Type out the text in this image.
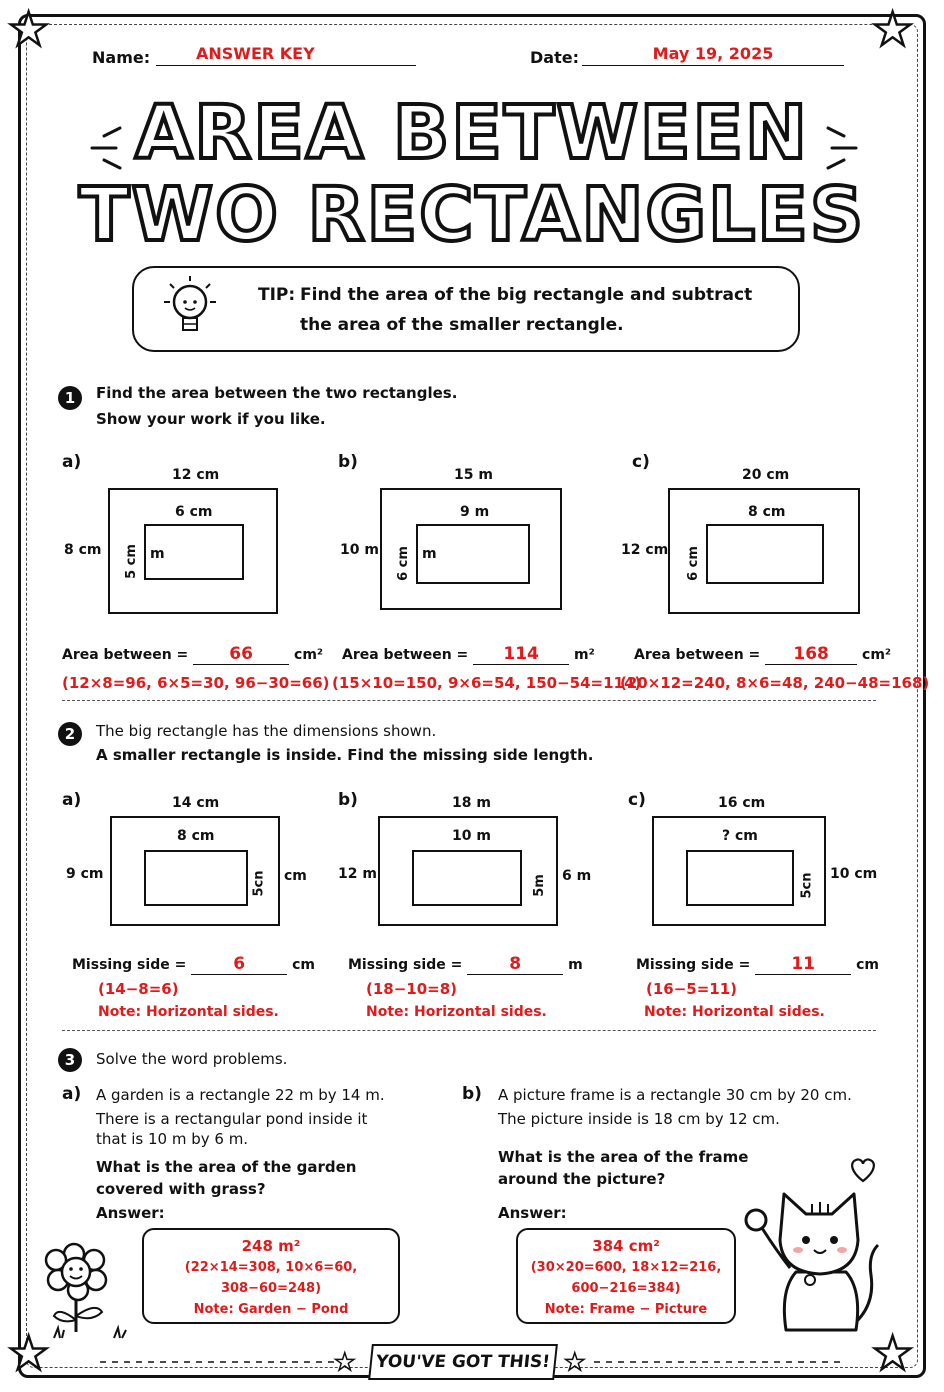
★	★
★	★
Name:	ANSWER KEY	Date:	May 19, 2025
AREA BETWEEN
TWO RECTANGLES
TIP: Find the area of the big rectangle and subtract
the area of the smaller rectangle.
1	Find the area between the two rectangles.
Show your work if you like.
a)
12 cm
8 cm
6 cm
5 cm m
b)
15 m
10 m
9 m
6 cm m
c)
20 cm
12 cm
8 cm
6 cm
Area between = 66	cm²
(12×8=96, 6×5=30, 96−30=66)
Area between = 114	m²
(15×10=150, 9×6=54, 150−54=114)
Area between = 168 cm²
(20×12=240, 8×6=48, 240−48=168)
2	The big rectangle has the dimensions shown.
A smaller rectangle is inside. Find the missing side length.
a)	14 cm
9 cm
8 cm
5cn cm
b)	18 m
12 m
10 m
5m 6 m
c)	16 cm
10 cm
? cm
5cn
Missing side =	6	cm
(14−8=6)
Note: Horizontal sides.
Missing side =	8	m
(18−10=8)
Note: Horizontal sides.
Missing side = 11	cm
(16−5=11)
Note: Horizontal sides.
3	Solve the word problems.
a) A garden is a rectangle 22 m by 14 m.
There is a rectangular pond inside it
that is 10 m by 6 m.
What is the area of the garden
covered with grass?
Answer:
248 m²
(22×14=308, 10×6=60,
308−60=248)
Note: Garden − Pond
b) A picture frame is a rectangle 30 cm by 20 cm.
The picture inside is 18 cm by 12 cm.
What is the area of the frame
around the picture?
Answer:
384 cm²
(30×20=600, 18×12=216,
600−216=384)
Note: Frame − Picture
★	★
YOU'VE GOT THIS!
